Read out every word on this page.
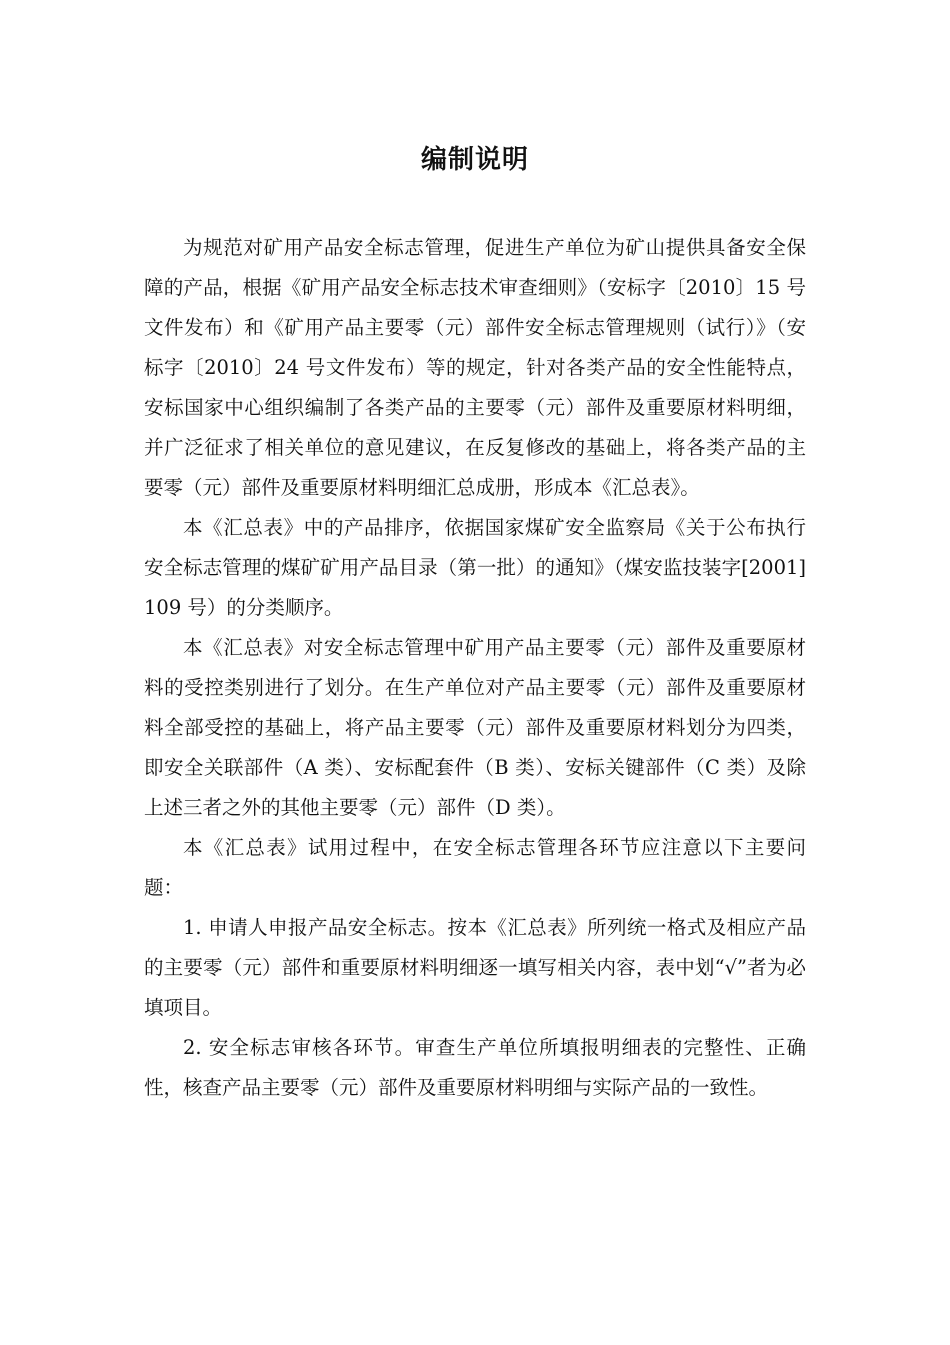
编制说明

为规范对矿用产品安全标志管理，促进生产单位为矿山提供具备安全保障的产品，根据《矿用产品安全标志技术审查细则》（安标字〔2010〕15 号文件发布）和《矿用产品主要零（元）部件安全标志管理规则（试行）》（安标字〔2010〕24 号文件发布）等的规定，针对各类产品的安全性能特点，安标国家中心组织编制了各类产品的主要零（元）部件及重要原材料明细，并广泛征求了相关单位的意见建议，在反复修改的基础上，将各类产品的主要零（元）部件及重要原材料明细汇总成册，形成本《汇总表》。

本《汇总表》中的产品排序，依据国家煤矿安全监察局《关于公布执行安全标志管理的煤矿矿用产品目录（第一批）的通知》（煤安监技装字[2001]109 号）的分类顺序。

本《汇总表》对安全标志管理中矿用产品主要零（元）部件及重要原材料的受控类别进行了划分。在生产单位对产品主要零（元）部件及重要原材料全部受控的基础上，将产品主要零（元）部件及重要原材料划分为四类，即安全关联部件（A 类）、安标配套件（B 类）、安标关键部件（C 类）及除上述三者之外的其他主要零（元）部件（D 类）。

本《汇总表》试用过程中，在安全标志管理各环节应注意以下主要问题：

1. 申请人申报产品安全标志。按本《汇总表》所列统一格式及相应产品的主要零（元）部件和重要原材料明细逐一填写相关内容，表中划“√”者为必填项目。

2. 安全标志审核各环节。审查生产单位所填报明细表的完整性、正确性，核查产品主要零（元）部件及重要原材料明细与实际产品的一致性。
